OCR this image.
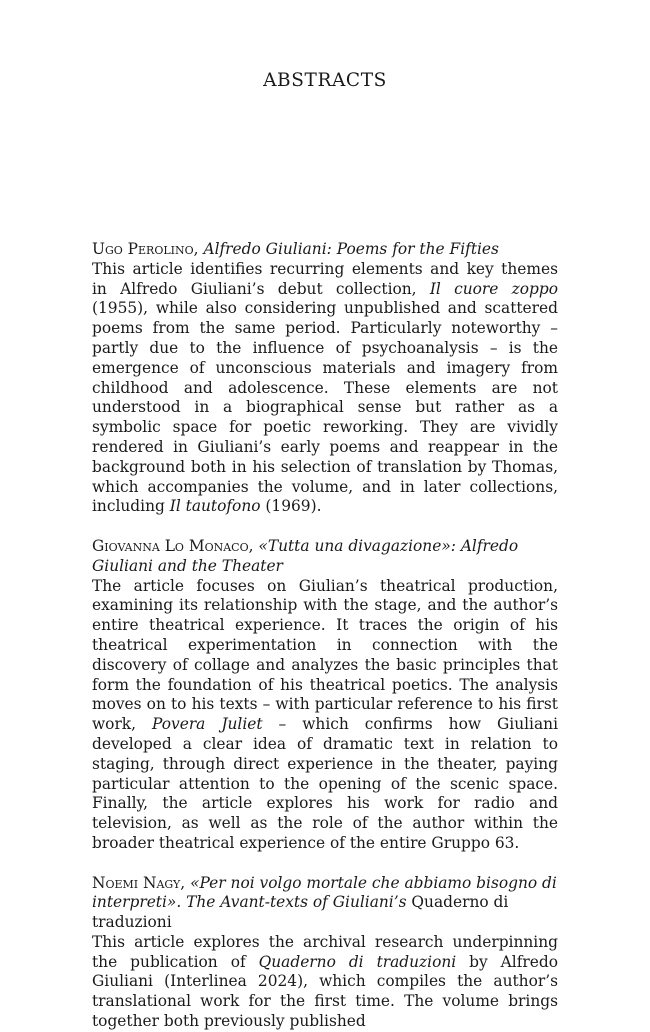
ABSTRACTS
Ugo Perolino, Alfredo Giuliani: Poems for the Fifties

This article identifies recurring elements and key themes in Alfredo Giuliani’s debut collection, Il cuore zoppo (1955), while also considering unpublished and scattered poems from the same period. Particularly noteworthy – partly due to the influence of psychoanalysis – is the emergence of unconscious materials and imagery from childhood and adolescence. These elements are not understood in a biographical sense but rather as a symbolic space for poetic reworking. They are vividly rendered in Giuliani’s early poems and reappear in the background both in his selection of translation by Thomas, which accompanies the volume, and in later collections, including Il tautofono (1969).

Giovanna Lo Monaco, «Tutta una divagazione»: Alfredo Giuliani and the Theater

The article focuses on Giulian’s theatrical production, examining its relationship with the stage, and the author’s entire theatrical experience. It traces the origin of his theatrical experimentation in connection with the discovery of collage and analyzes the basic principles that form the foundation of his theatrical poetics. The analysis moves on to his texts – with particular reference to his first work, Povera Juliet – which confirms how Giuliani developed a clear idea of dramatic text in relation to staging, through direct experience in the theater, paying particular attention to the opening of the scenic space. Finally, the article explores his work for radio and television, as well as the role of the author within the broader theatrical experience of the entire Gruppo 63.

Noemi Nagy, «Per noi volgo mortale che abbiamo bisogno di interpreti». The Avant-texts of Giuliani’s Quaderno di traduzioni

This article explores the archival research underpinning the publication of Quaderno di traduzioni by Alfredo Giuliani (Interlinea 2024), which compiles the author’s translational work for the first time. The volume brings together both previously published
